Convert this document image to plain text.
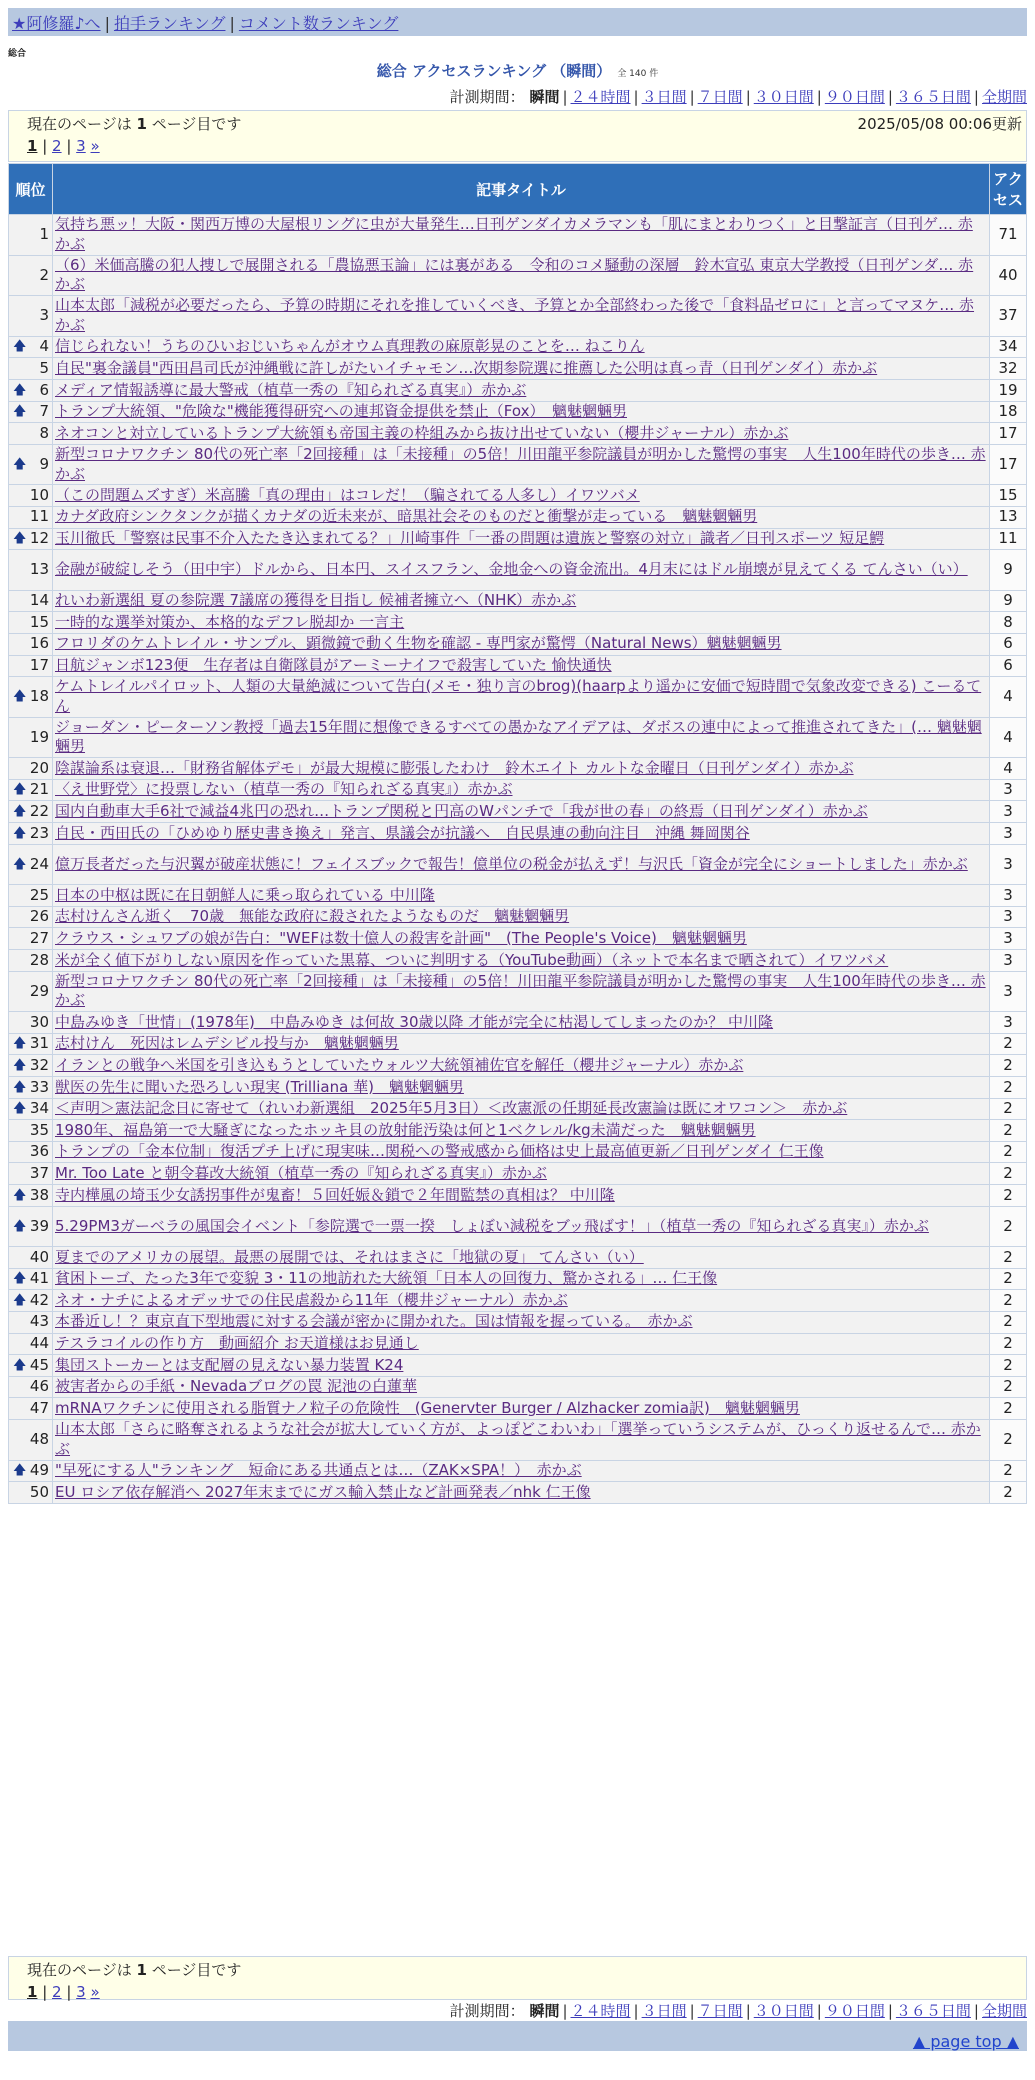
★阿修羅♪へ | 拍手ランキング | コメント数ランキング
総合
総合 アクセスランキング （瞬間） 全 140 件
計測期間： 瞬間 | ２４時間 | ３日間 | ７日間 | ３０日間 | ９０日間 | ３６５日間 | 全期間
現在のページは 1 ページ目です	2025/05/08 00:06更新
1 | 2 | 3 »
順位	記事タイトル	アクセス
1	気持ち悪ッ！大阪・関西万博の大屋根リングに虫が大量発生…日刊ゲンダイカメラマンも「肌にまとわりつく」と目撃証言（日刊ゲ… 赤かぶ	71
2	（6）米価高騰の犯人捜しで展開される「農協悪玉論」には裏がある　令和のコメ騒動の深層　鈴木宣弘 東京大学教授（日刊ゲンダ… 赤かぶ	40
3	山本太郎「減税が必要だったら、予算の時期にそれを推していくべき、予算とか全部終わった後で「食料品ゼロに」と言ってマヌケ… 赤かぶ	37

🡅 4	信じられない！うちのひいおじいちゃんがオウム真理教の麻原彰晃のことを… ねこりん	34
5	自民"裏金議員"西田昌司氏が沖縄戦に許しがたいイチャモン…次期参院選に推薦した公明は真っ青（日刊ゲンダイ）赤かぶ	32

🡅 6	メディア情報誘導に最大警戒（植草一秀の『知られざる真実』）赤かぶ	19

🡅 7	トランプ大統領、"危険な"機能獲得研究への連邦資金提供を禁止（Fox）　魑魅魍魎男	18
8	ネオコンと対立しているトランプ大統領も帝国主義の枠組みから抜け出せていない（櫻井ジャーナル）赤かぶ	17

🡅 9	新型コロナワクチン 80代の死亡率「2回接種」は「未接種」の5倍！川田龍平参院議員が明かした驚愕の事実　人生100年時代の歩き… 赤かぶ	17
10	（この問題ムズすぎ）米高騰「真の理由」はコレだ！（騙されてる人多し）イワツバメ	15
11	カナダ政府シンクタンクが描くカナダの近未来が、暗黒社会そのものだと衝撃が走っている　魑魅魍魎男	13

🡅 12	玉川徹氏「警察は民事不介入たたき込まれてる？」川崎事件「一番の問題は遺族と警察の対立」識者／日刊スポーツ 短足鰐	11
13	金融が破綻しそう（田中宇）ドルから、日本円、スイスフラン、金地金への資金流出。4月末にはドル崩壊が見えてくる てんさい（い）	9
14	れいわ新選組 夏の参院選 7議席の獲得を目指し 候補者擁立へ（NHK）赤かぶ	9
15	一時的な選挙対策か、本格的なデフレ脱却か 一言主	8
16	フロリダのケムトレイル・サンプル、顕微鏡で動く生物を確認 - 専門家が驚愕（Natural News）魑魅魍魎男	6
17	日航ジャンボ123便　生存者は自衛隊員がアーミーナイフで殺害していた 愉快通快	6

🡅 18	ケムトレイルパイロット、人類の大量絶滅について告白(メモ・独り言のbrog)(haarpより遥かに安価で短時間で気象改変できる) こーるてん	4
19	ジョーダン・ピーターソン教授「過去15年間に想像できるすべての愚かなアイデアは、ダボスの連中によって推進されてきた」(… 魑魅魍魎男	4
20	陰謀論系は衰退…「財務省解体デモ」が最大規模に膨張したわけ　鈴木エイト カルトな金曜日（日刊ゲンダイ）赤かぶ	4

🡅 21	〈え世野党〉に投票しない（植草一秀の『知られざる真実』）赤かぶ	3

🡅 22	国内自動車大手6社で減益4兆円の恐れ…トランプ関税と円高のWパンチで「我が世の春」の終焉（日刊ゲンダイ）赤かぶ	3

🡅 23	自民・西田氏の「ひめゆり歴史書き換え」発言、県議会が抗議へ　自民県連の動向注目　沖縄 舞岡関谷	3

🡅 24	億万長者だった与沢翼が破産状態に！フェイスブックで報告！億単位の税金が払えず！与沢氏「資金が完全にショートしました」赤かぶ	3
25	日本の中枢は既に在日朝鮮人に乗っ取られている 中川隆	3
26	志村けんさん逝く　70歳　無能な政府に殺されたようなものだ　魑魅魍魎男	3
27	クラウス・シュワブの娘が告白："WEFは数十億人の殺害を計画"　(The People's Voice)　魑魅魍魎男	3
28	米が全く値下がりしない原因を作っていた黒幕、ついに判明する（YouTube動画）（ネットで本名まで晒されて）イワツバメ	3
29	新型コロナワクチン 80代の死亡率「2回接種」は「未接種」の5倍！川田龍平参院議員が明かした驚愕の事実　人生100年時代の歩き… 赤かぶ	3
30	中島みゆき「世情」(1978年)＿中島みゆき は何故 30歳以降 才能が完全に枯渇してしまったのか？ 中川隆	3

🡅 31	志村けん　死因はレムデシビル投与か　魑魅魍魎男	2

🡅 32	イランとの戦争へ米国を引き込もうとしていたウォルツ大統領補佐官を解任（櫻井ジャーナル）赤かぶ	2

🡅 33	獣医の先生に聞いた恐ろしい現実 (Trilliana 華)　魑魅魍魎男	2

🡅 34	＜声明＞憲法記念日に寄せて（れいわ新選組　2025年5月3日）＜改憲派の任期延長改憲論は既にオワコン＞　赤かぶ	2
35	1980年、福島第一で大騒ぎになったホッキ貝の放射能汚染は何と1ベクレル/kg未満だった　魑魅魍魎男	2
36	トランプの「金本位制」復活プチ上げに現実味…関税への警戒感から価格は史上最高値更新／日刊ゲンダイ 仁王像	2
37	Mr. Too Late と朝令暮改大統領（植草一秀の『知られざる真実』）赤かぶ	2

🡅 38	寺内樺風の埼玉少女誘拐事件が鬼畜！５回妊娠＆鎖で２年間監禁の真相は？ 中川隆	2

🡅 39	5.29PM3ガーベラの風国会イベント「参院選で一票一揆　しょぼい減税をブッ飛ばす！」（植草一秀の『知られざる真実』）赤かぶ	2
40	夏までのアメリカの展望。最悪の展開では、それはまさに「地獄の夏」 てんさい（い）	2

🡅 41	貧困トーゴ、たった3年で変貌 3・11の地訪れた大統領「日本人の回復力、驚かされる」… 仁王像	2

🡅 42	ネオ・ナチによるオデッサでの住民虐殺から11年（櫻井ジャーナル）赤かぶ	2
43	本番近し！？東京直下型地震に対する会議が密かに開かれた。国は情報を握っている。　赤かぶ	2
44	テスラコイルの作り方　動画紹介 お天道様はお見通し	2

🡅 45	集団ストーカーとは支配層の見えない暴力装置 K24	2
46	被害者からの手紙・Nevadaブログの罠 泥池の白蓮華	2
47	mRNAワクチンに使用される脂質ナノ粒子の危険性　(Genervter Burger / Alzhacker zomia訳)　魑魅魍魎男	2
48	山本太郎「さらに略奪されるような社会が拡大していく方が、よっぽどこわいわ」「選挙っていうシステムが、ひっくり返せるんで… 赤かぶ	2

🡅 49	"早死にする人"ランキング　短命にある共通点とは…（ZAK×SPA！）　赤かぶ	2
50	EU ロシア依存解消へ 2027年末までにガス輸入禁止など計画発表／nhk 仁王像	2
現在のページは 1 ページ目です
1 | 2 | 3 »
計測期間： 瞬間 | ２４時間 | ３日間 | ７日間 | ３０日間 | ９０日間 | ３６５日間 | 全期間
▲ page top ▲
